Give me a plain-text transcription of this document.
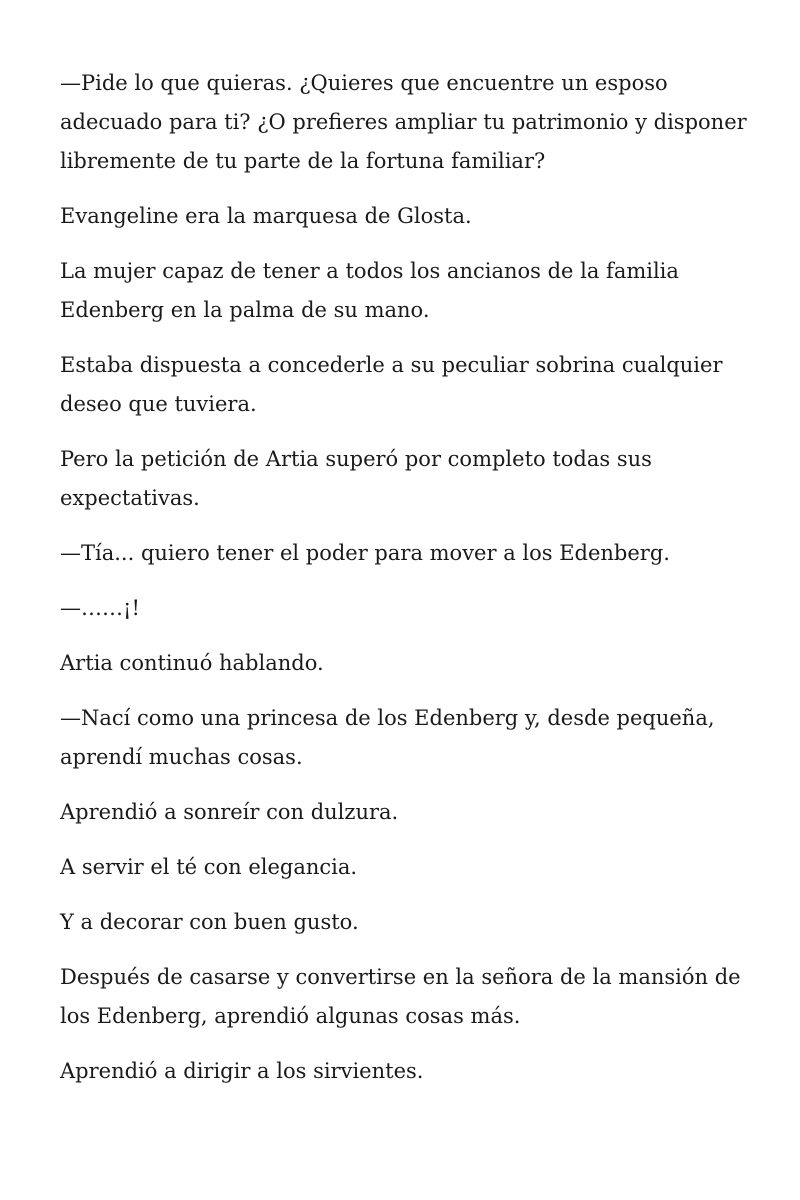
—Pide lo que quieras. ¿Quieres que encuentre un esposo adecuado para ti? ¿O prefieres ampliar tu patrimonio y disponer libremente de tu parte de la fortuna familiar?

Evangeline era la marquesa de Glosta.

La mujer capaz de tener a todos los ancianos de la familia Edenberg en la palma de su mano.

Estaba dispuesta a concederle a su peculiar sobrina cualquier deseo que tuviera.

Pero la petición de Artia superó por completo todas sus expectativas.

—Tía... quiero tener el poder para mover a los Edenberg.

—……¡!

Artia continuó hablando.

—Nací como una princesa de los Edenberg y, desde pequeña, aprendí muchas cosas.

Aprendió a sonreír con dulzura.

A servir el té con elegancia.

Y a decorar con buen gusto.

Después de casarse y convertirse en la señora de la mansión de los Edenberg, aprendió algunas cosas más.

Aprendió a dirigir a los sirvientes.
